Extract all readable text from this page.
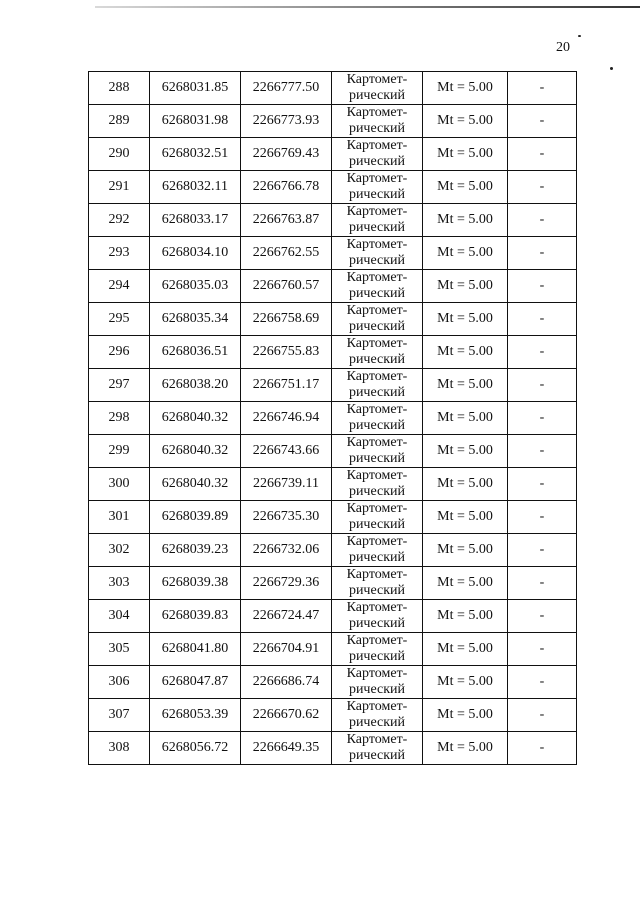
20
288	6268031.85	2266777.50	Картомет-
рический	Mt = 5.00	-
289	6268031.98	2266773.93	Картомет-
рический	Mt = 5.00	-
290	6268032.51	2266769.43	Картомет-
рический	Mt = 5.00	-
291	6268032.11	2266766.78	Картомет-
рический	Mt = 5.00	-
292	6268033.17	2266763.87	Картомет-
рический	Mt = 5.00	-
293	6268034.10	2266762.55	Картомет-
рический	Mt = 5.00	-
294	6268035.03	2266760.57	Картомет-
рический	Mt = 5.00	-
295	6268035.34	2266758.69	Картомет-
рический	Mt = 5.00	-
296	6268036.51	2266755.83	Картомет-
рический	Mt = 5.00	-
297	6268038.20	2266751.17	Картомет-
рический	Mt = 5.00	-
298	6268040.32	2266746.94	Картомет-
рический	Mt = 5.00	-
299	6268040.32	2266743.66	Картомет-
рический	Mt = 5.00	-
300	6268040.32	2266739.11	Картомет-
рический	Mt = 5.00	-
301	6268039.89	2266735.30	Картомет-
рический	Mt = 5.00	-
302	6268039.23	2266732.06	Картомет-
рический	Mt = 5.00	-
303	6268039.38	2266729.36	Картомет-
рический	Mt = 5.00	-
304	6268039.83	2266724.47	Картомет-
рический	Mt = 5.00	-
305	6268041.80	2266704.91	Картомет-
рический	Mt = 5.00	-
306	6268047.87	2266686.74	Картомет-
рический	Mt = 5.00	-
307	6268053.39	2266670.62	Картомет-
рический	Mt = 5.00	-
308	6268056.72	2266649.35	Картомет-
рический	Mt = 5.00	-
